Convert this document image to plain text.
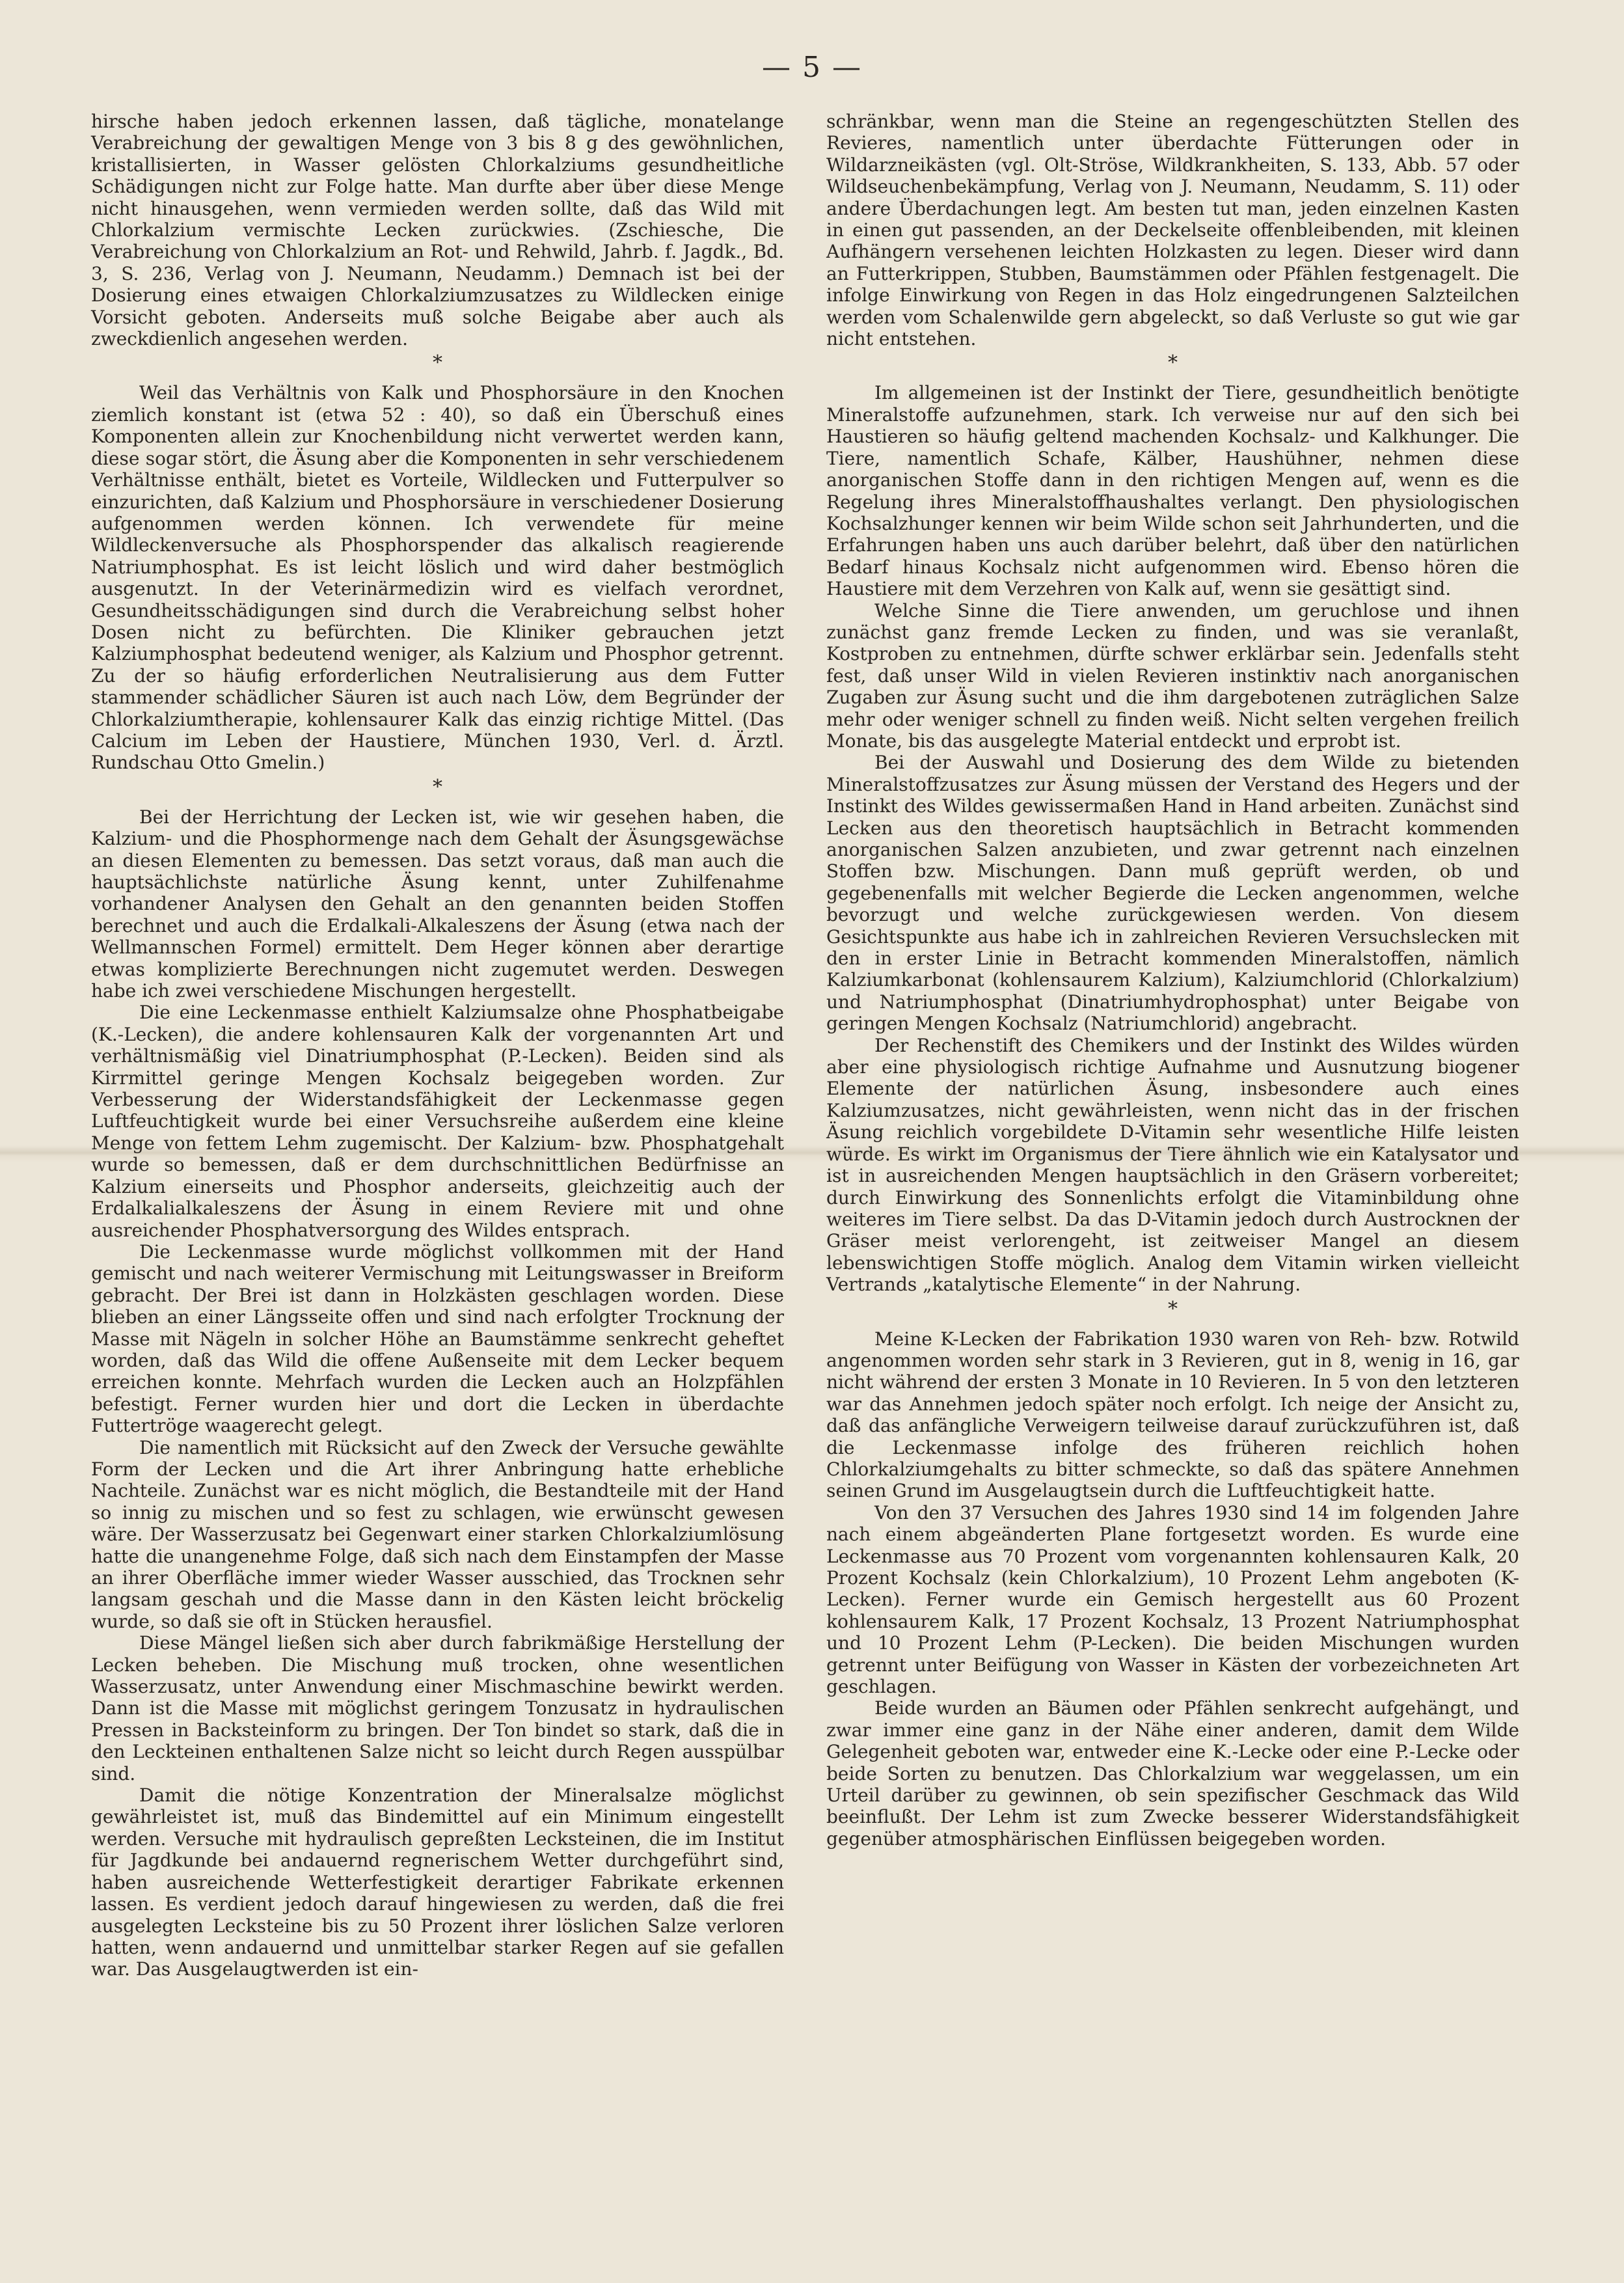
— 5 —

hirsche haben jedoch erkennen lassen, daß tägliche, monatelange Verabreichung der gewaltigen Menge von 3 bis 8 g des gewöhnlichen, kristallisierten, in Wasser gelösten Chlorkalziums gesundheitliche Schädigungen nicht zur Folge hatte. Man durfte aber über diese Menge nicht hinausgehen, wenn vermieden werden sollte, daß das Wild mit Chlorkalzium vermischte Lecken zurückwies. (Zschiesche, Die Verabreichung von Chlorkalzium an Rot- und Rehwild, Jahrb. f. Jagdk., Bd. 3, S. 236, Verlag von J. Neumann, Neudamm.) Demnach ist bei der Dosierung eines etwaigen Chlorkalziumzusatzes zu Wildlecken einige Vorsicht geboten. Anderseits muß solche Beigabe aber auch als zweckdienlich angesehen werden.

*

Weil das Verhältnis von Kalk und Phosphorsäure in den Knochen ziemlich konstant ist (etwa 52 : 40), so daß ein Überschuß eines Komponenten allein zur Knochenbildung nicht verwertet werden kann, diese sogar stört, die Äsung aber die Komponenten in sehr verschiedenem Verhältnisse enthält, bietet es Vorteile, Wildlecken und Futterpulver so einzurichten, daß Kalzium und Phosphorsäure in verschiedener Dosierung aufgenommen werden können. Ich verwendete für meine Wildleckenversuche als Phosphorspender das alkalisch reagierende Natriumphosphat. Es ist leicht löslich und wird daher bestmöglich ausgenutzt. In der Veterinärmedizin wird es vielfach verordnet, Gesundheitsschädigungen sind durch die Verabreichung selbst hoher Dosen nicht zu befürchten. Die Kliniker gebrauchen jetzt Kalziumphosphat bedeutend weniger, als Kalzium und Phosphor getrennt. Zu der so häufig erforderlichen Neutralisierung aus dem Futter stammender schädlicher Säuren ist auch nach Löw, dem Begründer der Chlorkalziumtherapie, kohlensaurer Kalk das einzig richtige Mittel. (Das Calcium im Leben der Haustiere, München 1930, Verl. d. Ärztl. Rundschau Otto Gmelin.)

*

Bei der Herrichtung der Lecken ist, wie wir gesehen haben, die Kalzium- und die Phosphormenge nach dem Gehalt der Äsungsgewächse an diesen Elementen zu bemessen. Das setzt voraus, daß man auch die hauptsächlichste natürliche Äsung kennt, unter Zuhilfenahme vorhandener Analysen den Gehalt an den genannten beiden Stoffen berechnet und auch die Erdalkali-Alkaleszens der Äsung (etwa nach der Wellmannschen Formel) ermittelt. Dem Heger können aber derartige etwas komplizierte Berechnungen nicht zugemutet werden. Deswegen habe ich zwei verschiedene Mischungen hergestellt.

Die eine Leckenmasse enthielt Kalziumsalze ohne Phosphatbeigabe (K.-Lecken), die andere kohlensauren Kalk der vorgenannten Art und verhältnismäßig viel Dinatriumphosphat (P.-Lecken). Beiden sind als Kirrmittel geringe Mengen Kochsalz beigegeben worden. Zur Verbesserung der Widerstandsfähigkeit der Leckenmasse gegen Luftfeuchtigkeit wurde bei einer Versuchsreihe außerdem eine kleine Menge von fettem Lehm zugemischt. Der Kalzium- bzw. Phosphatgehalt wurde so bemessen, daß er dem durchschnittlichen Bedürfnisse an Kalzium einerseits und Phosphor anderseits, gleichzeitig auch der Erdalkalialkaleszens der Äsung in einem Reviere mit und ohne ausreichender Phosphatversorgung des Wildes entsprach.

Die Leckenmasse wurde möglichst vollkommen mit der Hand gemischt und nach weiterer Vermischung mit Leitungswasser in Breiform gebracht. Der Brei ist dann in Holzkästen geschlagen worden. Diese blieben an einer Längsseite offen und sind nach erfolgter Trocknung der Masse mit Nägeln in solcher Höhe an Baumstämme senkrecht geheftet worden, daß das Wild die offene Außenseite mit dem Lecker bequem erreichen konnte. Mehrfach wurden die Lecken auch an Holzpfählen befestigt. Ferner wurden hier und dort die Lecken in überdachte Futtertröge waagerecht gelegt.

Die namentlich mit Rücksicht auf den Zweck der Versuche gewählte Form der Lecken und die Art ihrer Anbringung hatte erhebliche Nachteile. Zunächst war es nicht möglich, die Bestandteile mit der Hand so innig zu mischen und so fest zu schlagen, wie erwünscht gewesen wäre. Der Wasserzusatz bei Gegenwart einer starken Chlorkalziumlösung hatte die unangenehme Folge, daß sich nach dem Einstampfen der Masse an ihrer Oberfläche immer wieder Wasser ausschied, das Trocknen sehr langsam geschah und die Masse dann in den Kästen leicht bröckelig wurde, so daß sie oft in Stücken herausfiel.

Diese Mängel ließen sich aber durch fabrikmäßige Herstellung der Lecken beheben. Die Mischung muß trocken, ohne wesentlichen Wasserzusatz, unter Anwendung einer Mischmaschine bewirkt werden. Dann ist die Masse mit möglichst geringem Tonzusatz in hydraulischen Pressen in Backsteinform zu bringen. Der Ton bindet so stark, daß die in den Leckteinen enthaltenen Salze nicht so leicht durch Regen ausspülbar sind.

Damit die nötige Konzentration der Mineralsalze möglichst gewährleistet ist, muß das Bindemittel auf ein Minimum eingestellt werden. Versuche mit hydraulisch gepreßten Lecksteinen, die im Institut für Jagdkunde bei andauernd regnerischem Wetter durchgeführt sind, haben ausreichende Wetterfestigkeit derartiger Fabrikate erkennen lassen. Es verdient jedoch darauf hingewiesen zu werden, daß die frei ausgelegten Lecksteine bis zu 50 Prozent ihrer löslichen Salze verloren hatten, wenn andauernd und unmittelbar starker Regen auf sie gefallen war. Das Ausgelaugtwerden ist ein-

schränkbar, wenn man die Steine an regengeschützten Stellen des Revieres, namentlich unter überdachte Fütterungen oder in Wildarzneikästen (vgl. Olt-Ströse, Wildkrankheiten, S. 133, Abb. 57 oder Wildseuchenbekämpfung, Verlag von J. Neumann, Neudamm, S. 11) oder andere Überdachungen legt. Am besten tut man, jeden einzelnen Kasten in einen gut passenden, an der Deckelseite offenbleibenden, mit kleinen Aufhängern versehenen leichten Holzkasten zu legen. Dieser wird dann an Futterkrippen, Stubben, Baumstämmen oder Pfählen festgenagelt. Die infolge Einwirkung von Regen in das Holz eingedrungenen Salzteilchen werden vom Schalenwilde gern abgeleckt, so daß Verluste so gut wie gar nicht entstehen.

*

Im allgemeinen ist der Instinkt der Tiere, gesundheitlich benötigte Mineralstoffe aufzunehmen, stark. Ich verweise nur auf den sich bei Haustieren so häufig geltend machenden Kochsalz- und Kalkhunger. Die Tiere, namentlich Schafe, Kälber, Haushühner, nehmen diese anorganischen Stoffe dann in den richtigen Mengen auf, wenn es die Regelung ihres Mineralstoffhaushaltes verlangt. Den physiologischen Kochsalzhunger kennen wir beim Wilde schon seit Jahrhunderten, und die Erfahrungen haben uns auch darüber belehrt, daß über den natürlichen Bedarf hinaus Kochsalz nicht aufgenommen wird. Ebenso hören die Haustiere mit dem Verzehren von Kalk auf, wenn sie gesättigt sind.

Welche Sinne die Tiere anwenden, um geruchlose und ihnen zunächst ganz fremde Lecken zu finden, und was sie veranlaßt, Kostproben zu entnehmen, dürfte schwer erklärbar sein. Jedenfalls steht fest, daß unser Wild in vielen Revieren instinktiv nach anorganischen Zugaben zur Äsung sucht und die ihm dargebotenen zuträglichen Salze mehr oder weniger schnell zu finden weiß. Nicht selten vergehen freilich Monate, bis das ausgelegte Material entdeckt und erprobt ist.

Bei der Auswahl und Dosierung des dem Wilde zu bietenden Mineralstoffzusatzes zur Äsung müssen der Verstand des Hegers und der Instinkt des Wildes gewissermaßen Hand in Hand arbeiten. Zunächst sind Lecken aus den theoretisch hauptsächlich in Betracht kommenden anorganischen Salzen anzubieten, und zwar getrennt nach einzelnen Stoffen bzw. Mischungen. Dann muß geprüft werden, ob und gegebenenfalls mit welcher Begierde die Lecken angenommen, welche bevorzugt und welche zurückgewiesen werden. Von diesem Gesichtspunkte aus habe ich in zahlreichen Revieren Versuchslecken mit den in erster Linie in Betracht kommenden Mineralstoffen, nämlich Kalziumkarbonat (kohlensaurem Kalzium), Kalziumchlorid (Chlorkalzium) und Natriumphosphat (Dinatriumhydrophosphat) unter Beigabe von geringen Mengen Kochsalz (Natriumchlorid) angebracht.

Der Rechenstift des Chemikers und der Instinkt des Wildes würden aber eine physiologisch richtige Aufnahme und Ausnutzung biogener Elemente der natürlichen Äsung, insbesondere auch eines Kalziumzusatzes, nicht gewährleisten, wenn nicht das in der frischen Äsung reichlich vorgebildete D-Vitamin sehr wesentliche Hilfe leisten würde. Es wirkt im Organismus der Tiere ähnlich wie ein Katalysator und ist in ausreichenden Mengen hauptsächlich in den Gräsern vorbereitet; durch Einwirkung des Sonnenlichts erfolgt die Vitaminbildung ohne weiteres im Tiere selbst. Da das D-Vitamin jedoch durch Austrocknen der Gräser meist verlorengeht, ist zeitweiser Mangel an diesem lebenswichtigen Stoffe möglich. Analog dem Vitamin wirken vielleicht Vertrands „katalytische Elemente“ in der Nahrung.

*

Meine K-Lecken der Fabrikation 1930 waren von Reh- bzw. Rotwild angenommen worden sehr stark in 3 Revieren, gut in 8, wenig in 16, gar nicht während der ersten 3 Monate in 10 Revieren. In 5 von den letzteren war das Annehmen jedoch später noch erfolgt. Ich neige der Ansicht zu, daß das anfängliche Verweigern teilweise darauf zurückzuführen ist, daß die Leckenmasse infolge des früheren reichlich hohen Chlorkalziumgehalts zu bitter schmeckte, so daß das spätere Annehmen seinen Grund im Ausgelaugtsein durch die Luftfeuchtigkeit hatte.

Von den 37 Versuchen des Jahres 1930 sind 14 im folgenden Jahre nach einem abgeänderten Plane fortgesetzt worden. Es wurde eine Leckenmasse aus 70 Prozent vom vorgenannten kohlensauren Kalk, 20 Prozent Kochsalz (kein Chlorkalzium), 10 Prozent Lehm angeboten (K-Lecken). Ferner wurde ein Gemisch hergestellt aus 60 Prozent kohlensaurem Kalk, 17 Prozent Kochsalz, 13 Prozent Natriumphosphat und 10 Prozent Lehm (P-Lecken). Die beiden Mischungen wurden getrennt unter Beifügung von Wasser in Kästen der vorbezeichneten Art geschlagen.

Beide wurden an Bäumen oder Pfählen senkrecht aufgehängt, und zwar immer eine ganz in der Nähe einer anderen, damit dem Wilde Gelegenheit geboten war, entweder eine K.-Lecke oder eine P.-Lecke oder beide Sorten zu benutzen. Das Chlorkalzium war weggelassen, um ein Urteil darüber zu gewinnen, ob sein spezifischer Geschmack das Wild beeinflußt. Der Lehm ist zum Zwecke besserer Widerstandsfähigkeit gegenüber atmosphärischen Einflüssen beigegeben worden.
